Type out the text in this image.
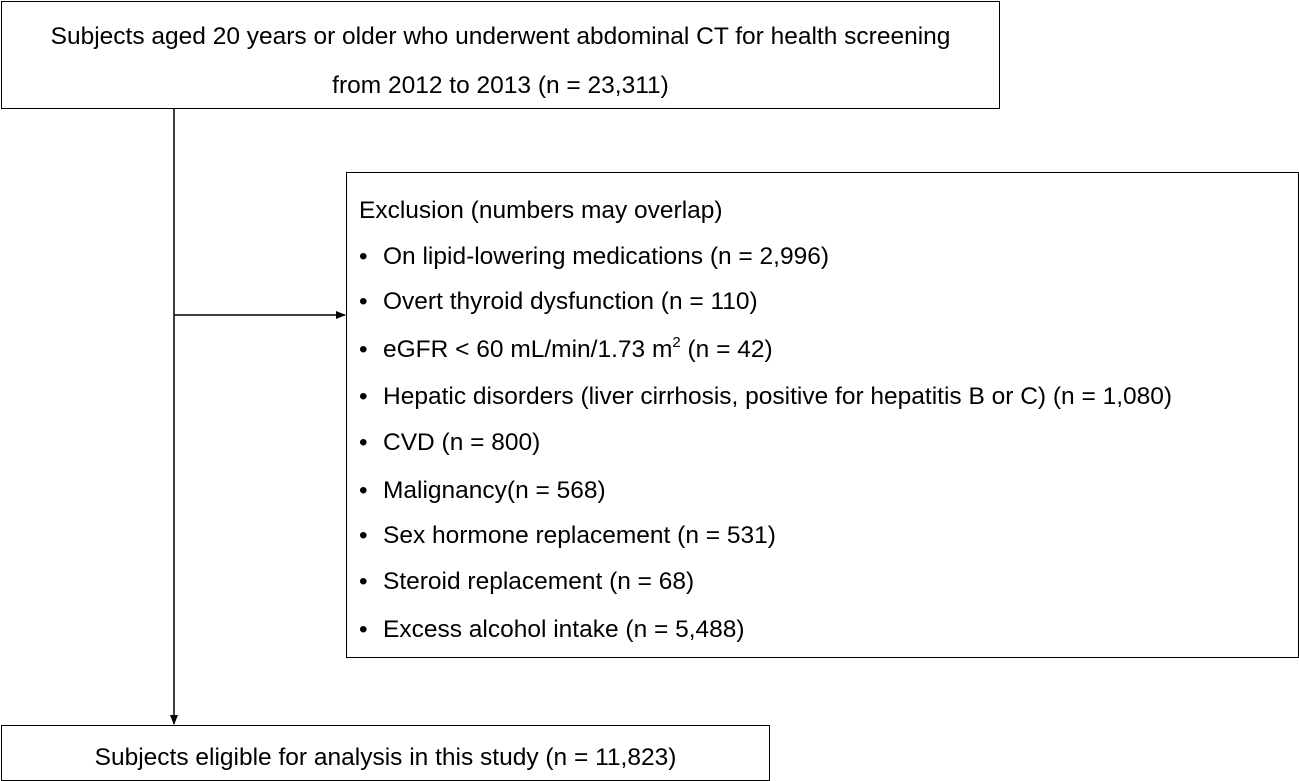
Subjects aged 20 years or older who underwent abdominal CT for health screening
from 2012 to 2013 (n = 23,311)
Exclusion (numbers may overlap)
• On lipid-lowering medications (n = 2,996)
• Overt thyroid dysfunction (n = 110)
• eGFR < 60 mL/min/1.73 $m^2$ (n = 42)
• Hepatic disorders (liver cirrhosis, positive for hepatitis B or C) (n = 1,080)
• CVD (n = 800)
• Malignancy(n = 568)
• Sex hormone replacement (n = 531)
• Steroid replacement (n = 68)
• Excess alcohol intake (n = 5,488)
Subjects eligible for analysis in this study (n = 11,823)
